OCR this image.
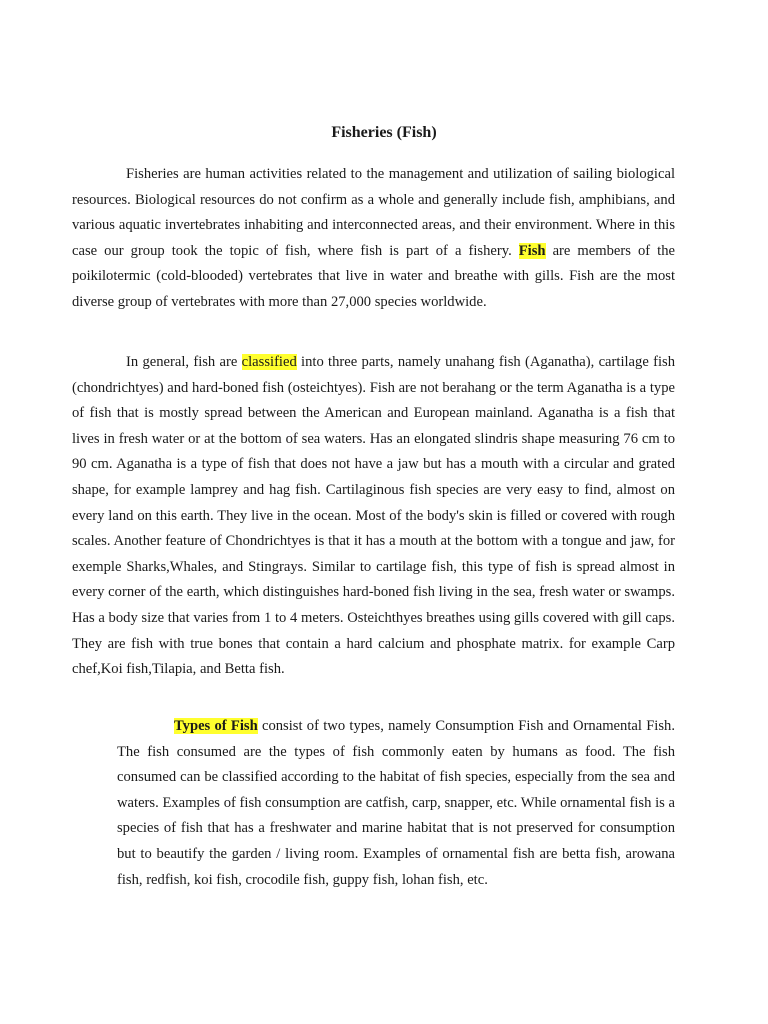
Fisheries (Fish)

Fisheries are human activities related to the management and utilization of sailing biological resources. Biological resources do not confirm as a whole and generally include fish, amphibians, and various aquatic invertebrates inhabiting and interconnected areas, and their environment. Where in this case our group took the topic of fish, where fish is part of a fishery. Fish are members of the poikilotermic (cold-blooded) vertebrates that live in water and breathe with gills. Fish are the most diverse group of vertebrates with more than 27,000 species worldwide.

In general, fish are classified into three parts, namely unahang fish (Aganatha), cartilage fish (chondrichtyes) and hard-boned fish (osteichtyes). Fish are not berahang or the term Aganatha is a type of fish that is mostly spread between the American and European mainland. Aganatha is a fish that lives in fresh water or at the bottom of sea waters. Has an elongated slindris shape measuring 76 cm to 90 cm. Aganatha is a type of fish that does not have a jaw but has a mouth with a circular and grated shape, for example lamprey and hag fish. Cartilaginous fish species are very easy to find, almost on every land on this earth. They live in the ocean. Most of the body's skin is filled or covered with rough scales. Another feature of Chondrichtyes is that it has a mouth at the bottom with a tongue and jaw, for exemple Sharks,Whales, and Stingrays. Similar to cartilage fish, this type of fish is spread almost in every corner of the earth, which distinguishes hard-boned fish living in the sea, fresh water or swamps. Has a body size that varies from 1 to 4 meters. Osteichthyes breathes using gills covered with gill caps. They are fish with true bones that contain a hard calcium and phosphate matrix. for example Carp chef,Koi fish,Tilapia, and Betta fish.

Types of Fish consist of two types, namely Consumption Fish and Ornamental Fish. The fish consumed are the types of fish commonly eaten by humans as food. The fish consumed can be classified according to the habitat of fish species, especially from the sea and waters. Examples of fish consumption are catfish, carp, snapper, etc. While ornamental fish is a species of fish that has a freshwater and marine habitat that is not preserved for consumption but to beautify the garden / living room. Examples of ornamental fish are betta fish, arowana fish, redfish, koi fish, crocodile fish, guppy fish, lohan fish, etc.
